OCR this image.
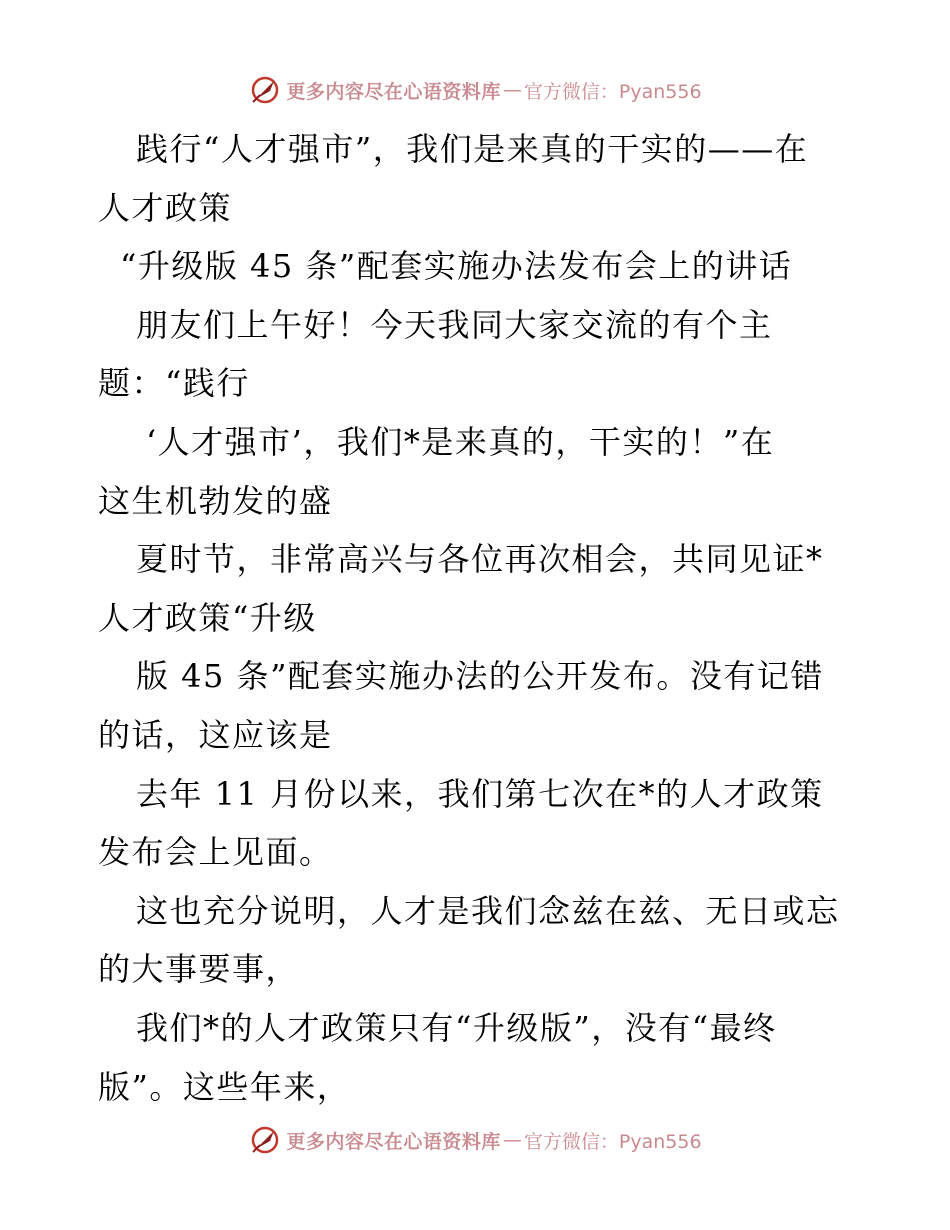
更多内容尽在心语资料库 — 官方微信：Pyan556
践行“人才强市”，我们是来真的干实的——在
人才政策
“升级版 45 条”配套实施办法发布会上的讲话
朋友们上午好！今天我同大家交流的有个主
题：“践行
‘人才强市’，我们*是来真的，干实的！”在
这生机勃发的盛
夏时节，非常高兴与各位再次相会，共同见证*
人才政策“升级
版 45 条”配套实施办法的公开发布。没有记错
的话，这应该是
去年 11 月份以来，我们第七次在*的人才政策
发布会上见面。
这也充分说明，人才是我们念兹在兹、无日或忘
的大事要事，
我们*的人才政策只有“升级版”，没有“最终
版”。这些年来，
更多内容尽在心语资料库 — 官方微信：Pyan556
